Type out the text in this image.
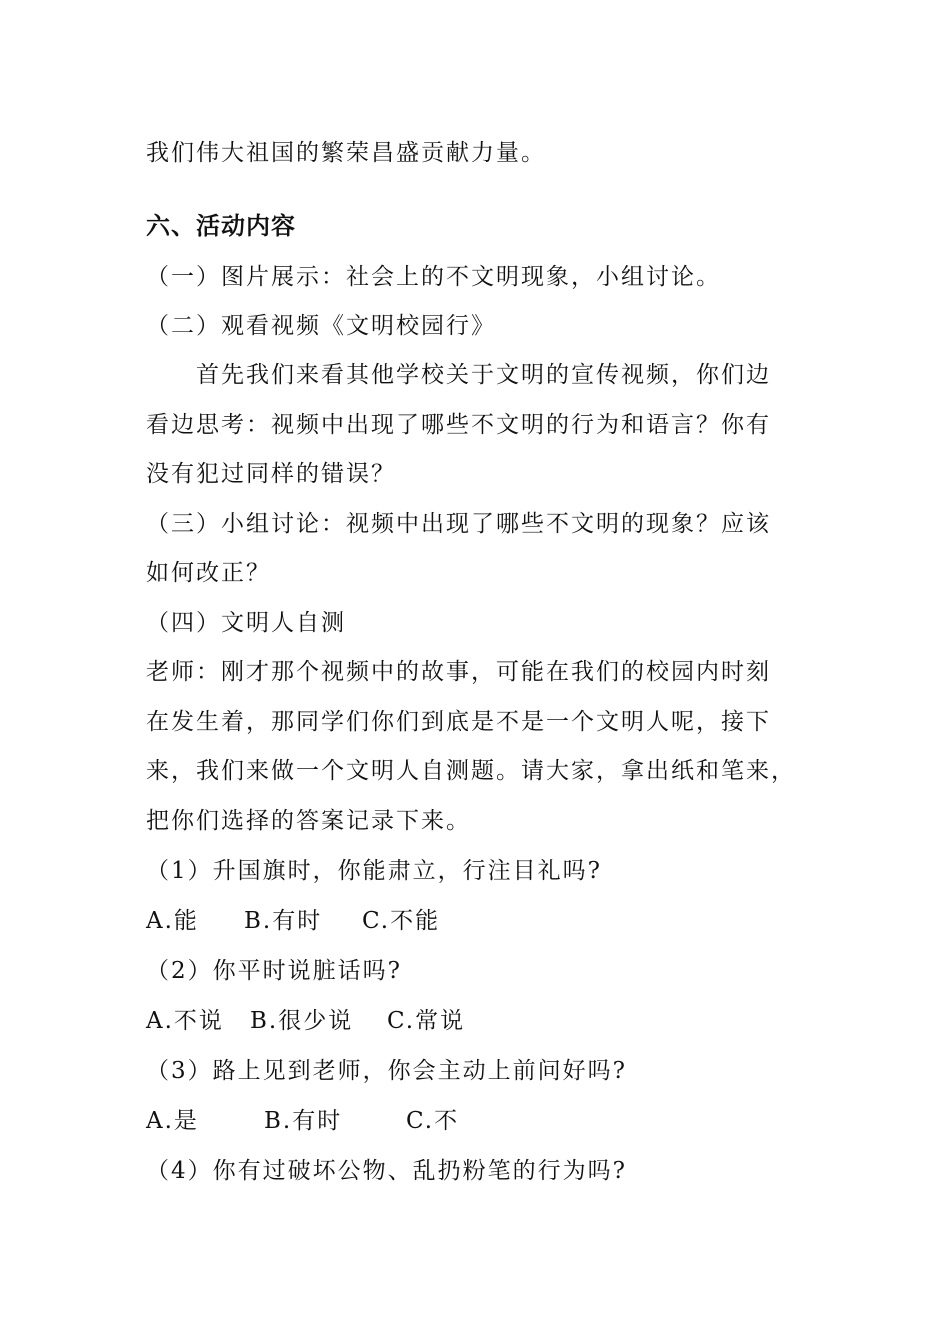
我们伟大祖国的繁荣昌盛贡献力量。
六、活动内容
（一）图片展示：社会上的不文明现象，小组讨论。
（二）观看视频《文明校园行》
首先我们来看其他学校关于文明的宣传视频，你们边
看边思考：视频中出现了哪些不文明的行为和语言？你有
没有犯过同样的错误？
（三）小组讨论：视频中出现了哪些不文明的现象？应该
如何改正？
（四）文明人自测
老师：刚才那个视频中的故事，可能在我们的校园内时刻
在发生着，那同学们你们到底是不是一个文明人呢，接下
来，我们来做一个文明人自测题。请大家，拿出纸和笔来，
把你们选择的答案记录下来。
（1）升国旗时，你能肃立，行注目礼吗?
A.能 B.有时 C.不能
（2）你平时说脏话吗?
A.不说 B.很少说 C.常说
（3）路上见到老师，你会主动上前问好吗?
A.是	B.有时	C.不
（4）你有过破坏公物、乱扔粉笔的行为吗?
